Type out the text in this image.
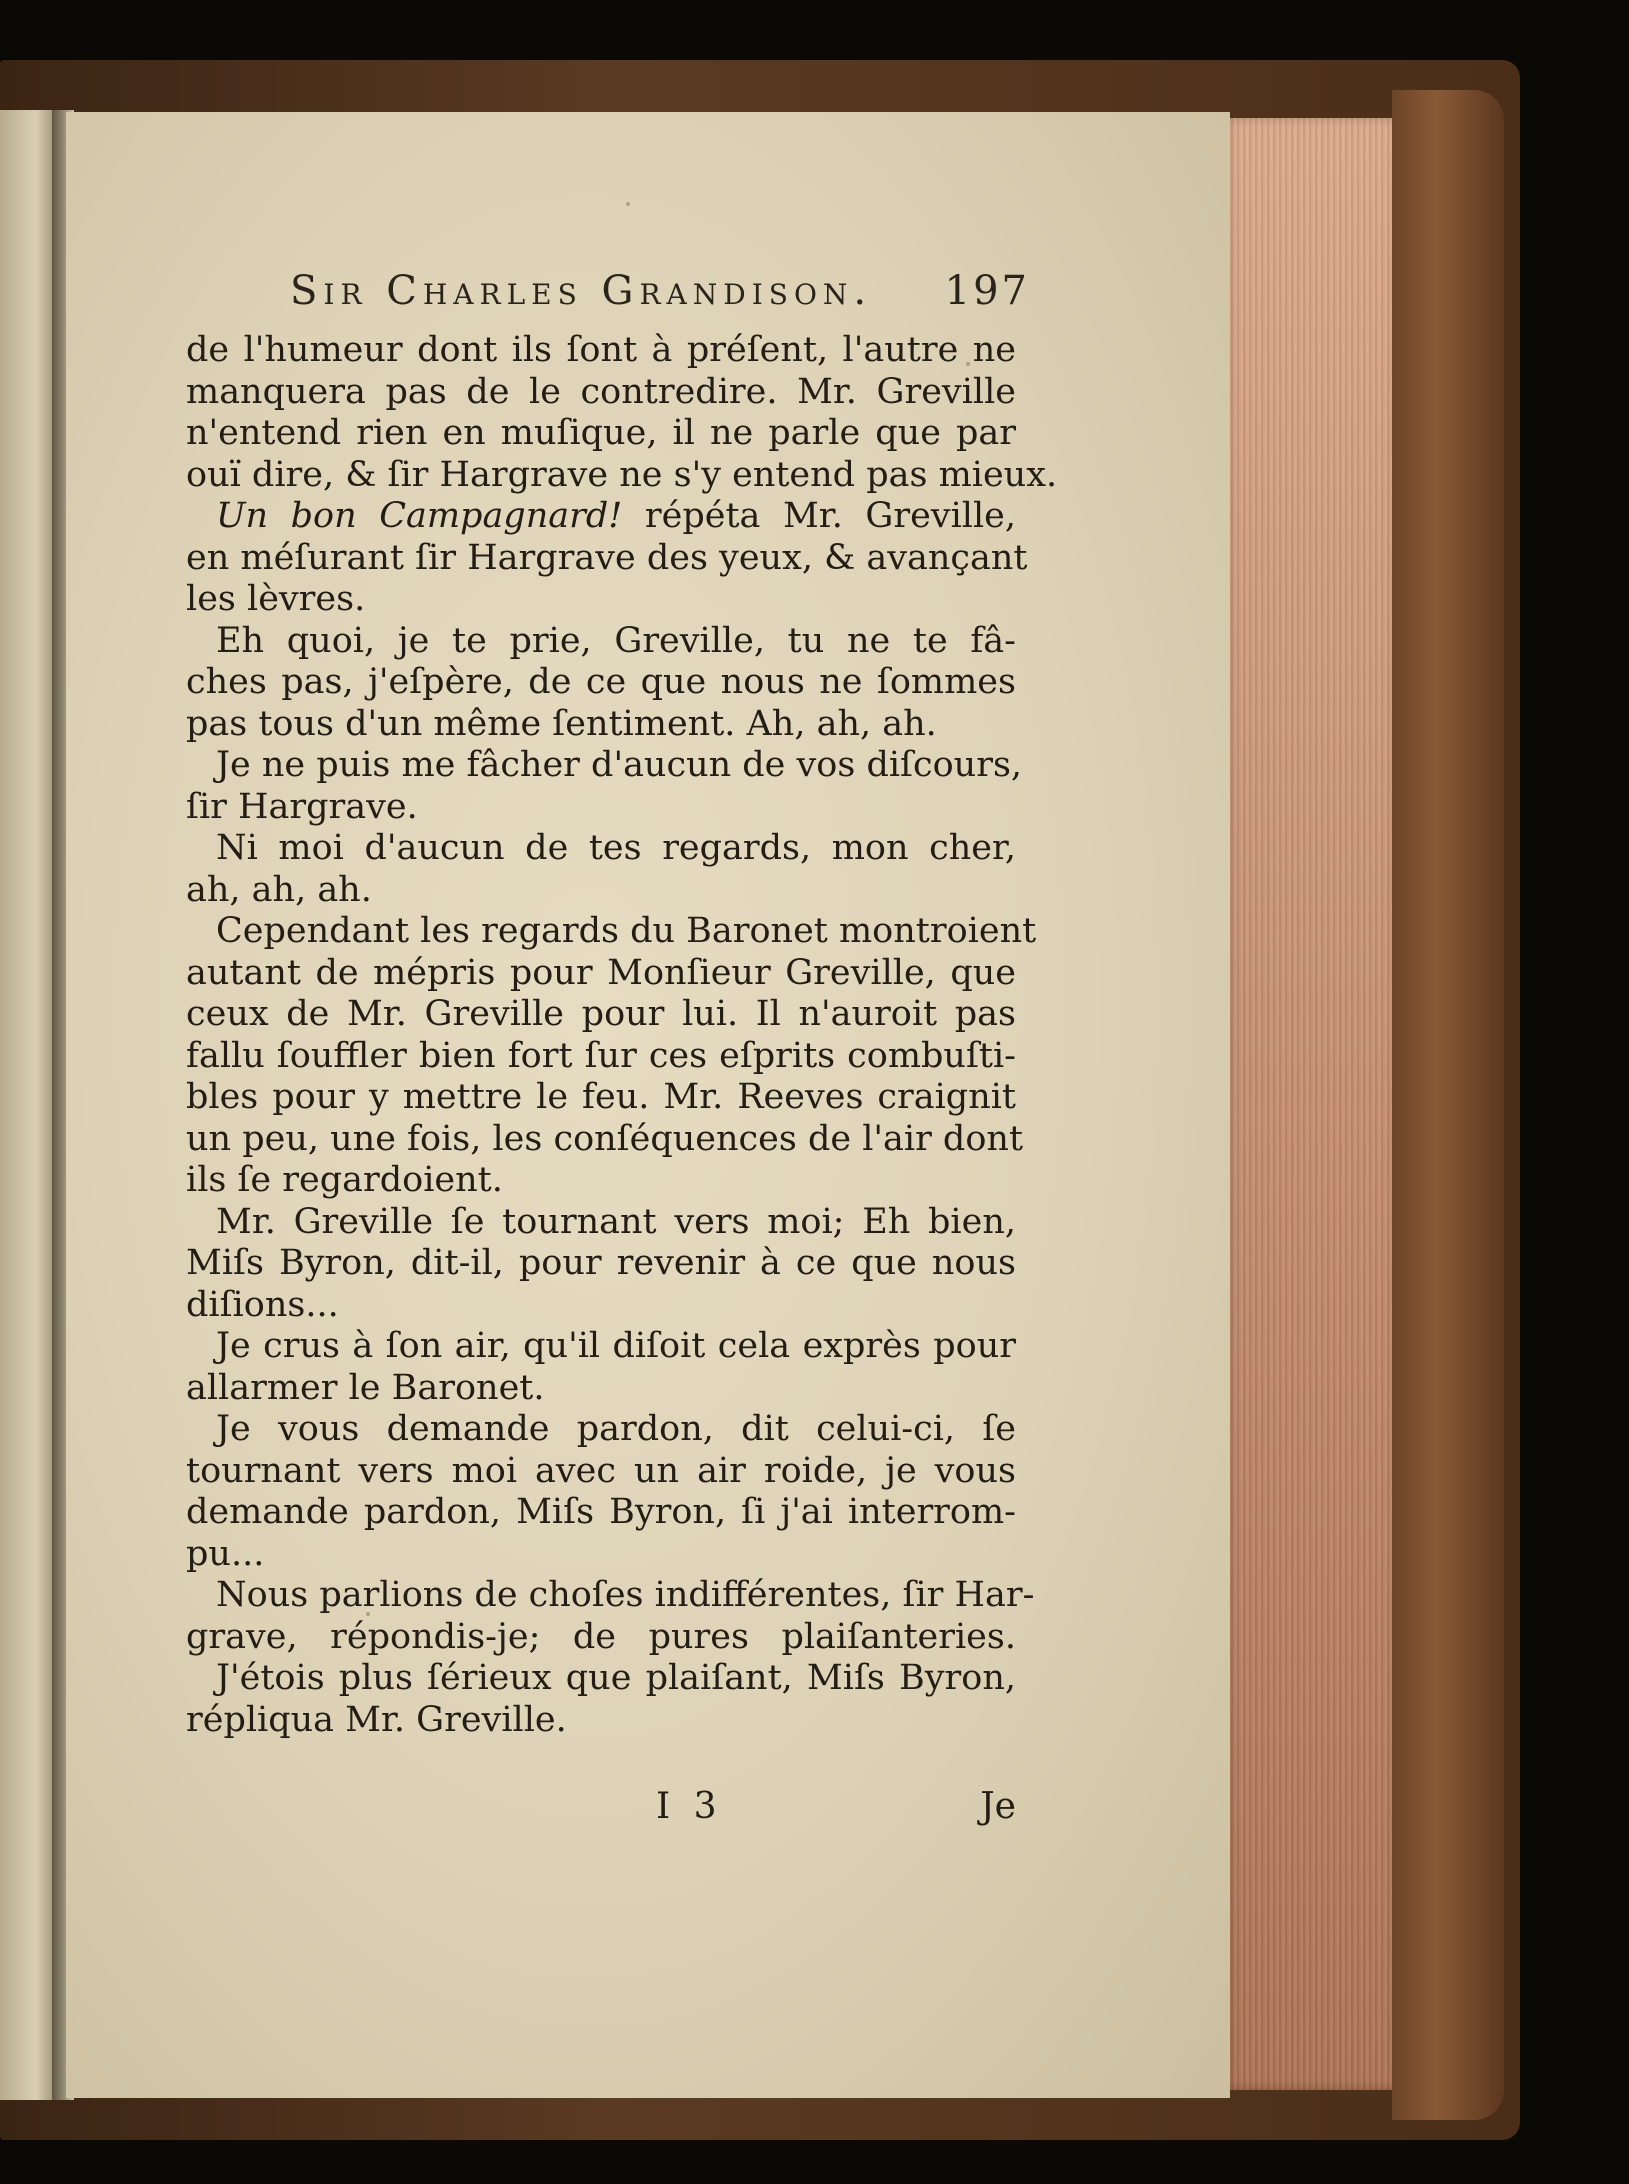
Sir Charles Grandison. 197
de l'humeur dont ils ſont à préſent, l'autre ne
manquera pas de le contredire. Mr. Greville
n'entend rien en muſique, il ne parle que par
ouï dire, & ſir Hargrave ne s'y entend pas mieux.
Un bon Campagnard! répéta Mr. Greville,
en méſurant ſir Hargrave des yeux, & avançant
les lèvres.
Eh quoi, je te prie, Greville, tu ne te fâ-
ches pas, j'eſpère, de ce que nous ne ſommes
pas tous d'un même ſentiment. Ah, ah, ah.
Je ne puis me fâcher d'aucun de vos diſcours,
ſir Hargrave.
Ni moi d'aucun de tes regards, mon cher,
ah, ah, ah.
Cependant les regards du Baronet montroient
autant de mépris pour Monſieur Greville, que
ceux de Mr. Greville pour lui. Il n'auroit pas
fallu ſouffler bien fort ſur ces eſprits combuſti-
bles pour y mettre le feu. Mr. Reeves craignit
un peu, une fois, les conſéquences de l'air dont
ils ſe regardoient.
Mr. Greville ſe tournant vers moi; Eh bien,
Miſs Byron, dit-il, pour revenir à ce que nous
diſions...
Je crus à ſon air, qu'il diſoit cela exprès pour
allarmer le Baronet.
Je vous demande pardon, dit celui-ci, ſe
tournant vers moi avec un air roide, je vous
demande pardon, Miſs Byron, ſi j'ai interrom-
pu...
Nous parlions de choſes indifférentes, ſir Har-
grave, répondis-je; de pures plaiſanteries.
J'étois plus ſérieux que plaiſant, Miſs Byron,
répliqua Mr. Greville.
I 3	Je
